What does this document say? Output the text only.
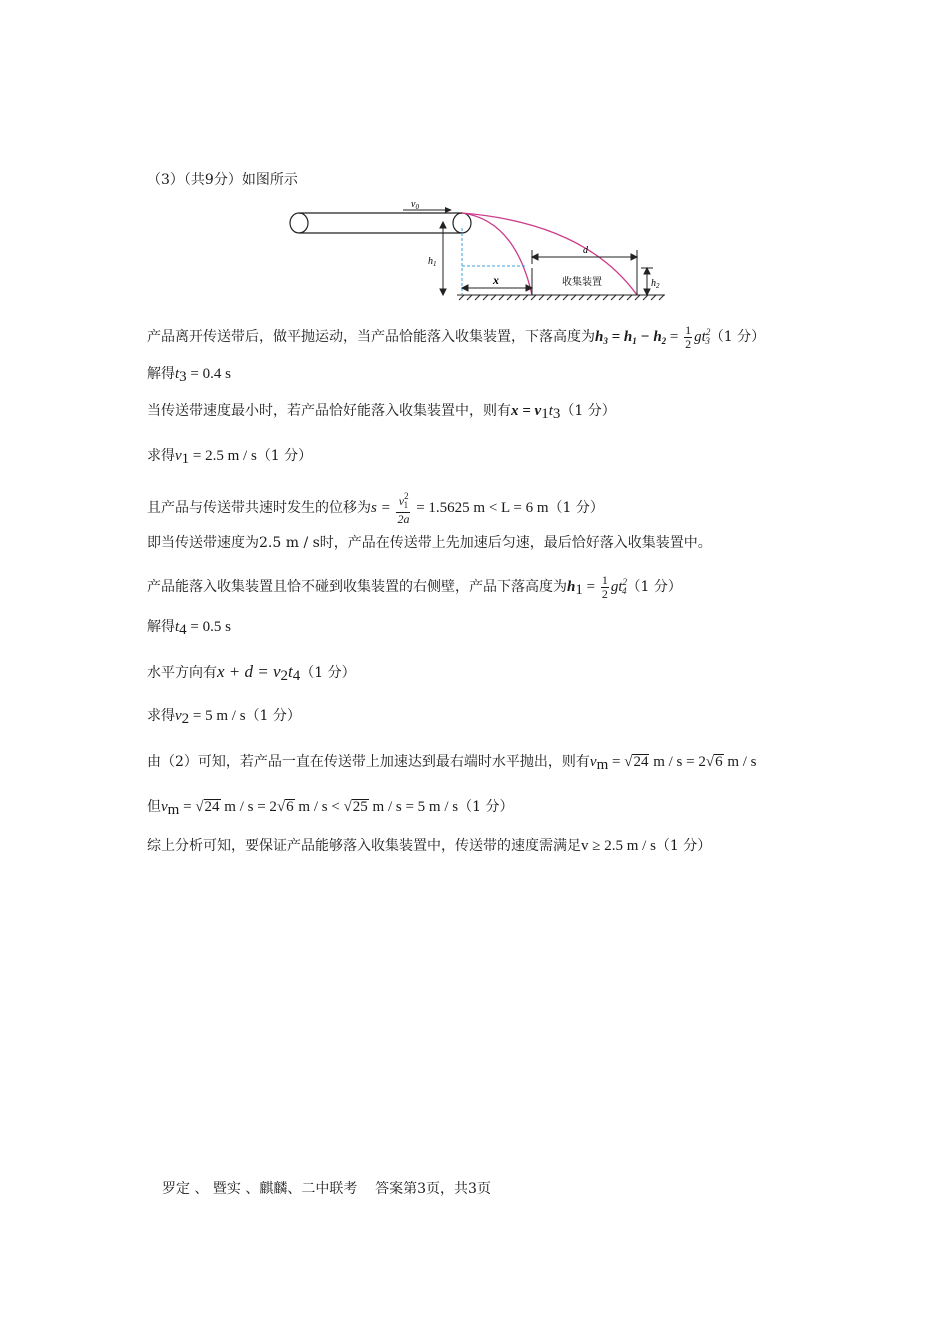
（3）（共9分）如图所示
$v_0$
$h_1$
x
d
收集装置	$h_2$
产品离开传送带后，做平抛运动，当产品恰能落入收集装置，下落高度为$h_3 = h_1 - h_2 = \frac{1}{2} gt^2_3(1$ 分）
解得$t_3 = 0.4$ s
当传送带速度最小时，若产品恰好能落入收集装置中，则有$x = v_1t_3(1$ 分）
求得$v_1 = 2.5$ m / s（1 分）
且产品与传送带共速时发生的位移为$s = \frac{v^2_1}{2a} = 1.5625$ m < L = 6 m（1 分）
即当传送带速度为2.5 m / s时，产品在传送带上先加速后匀速，最后恰好落入收集装置中。
产品能落入收集装置且恰不碰到收集装置的右侧壁，产品下落高度为$h_1 = \frac{1}{2} gt^2_4(1$ 分）
解得$t_4 = 0.5$ s
水平方向有$x + d = v_2t_4(1$ 分）
求得$v_2 = 5$ m / s（1 分）
由（2）可知，若产品一直在传送带上加速达到最右端时水平抛出，则有$v_m = √24$ m / s = 2√6 m / s
但$v_m = √24$ m / s = 2√6 m / s < √25 m / s = 5 m / s（1 分）
综上分析可知，要保证产品能够落入收集装置中，传送带的速度需满足v ≥ 2.5 m / s（1 分）
罗定 、 暨实 、麒麟、二中联考    答案第3页，共3页
